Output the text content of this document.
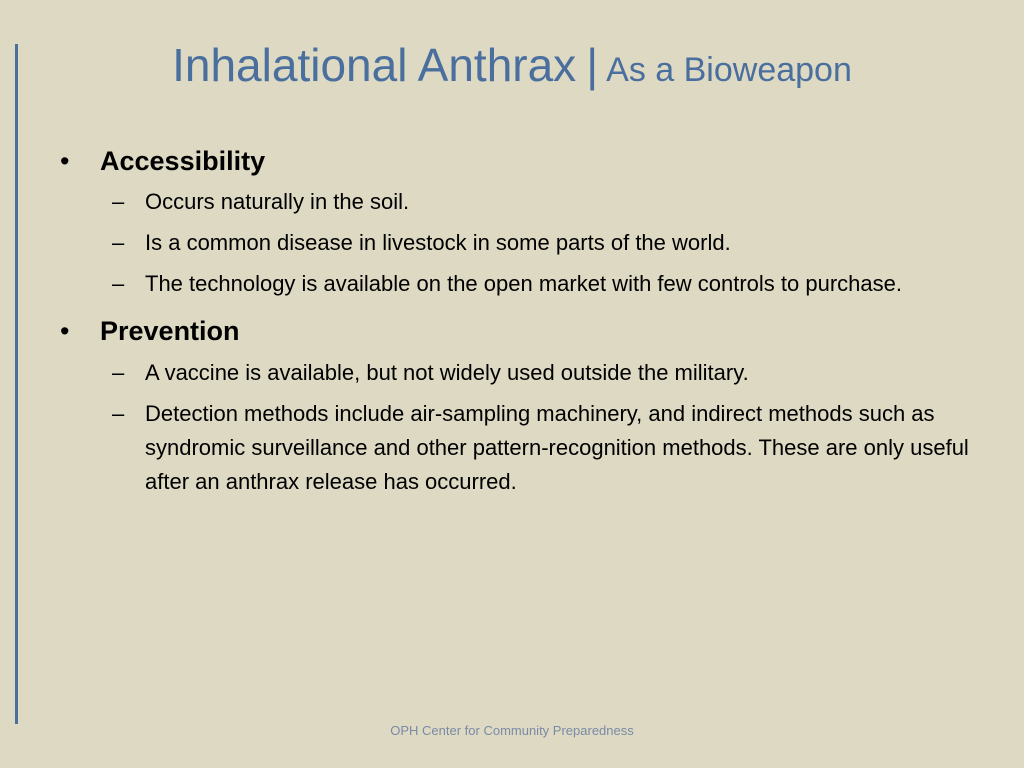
Inhalational Anthrax | As a Bioweapon
• Accessibility
– Occurs naturally in the soil.
– Is a common disease in livestock in some parts of the world.
– The technology is available on the open market with few controls to purchase.
• Prevention
– A vaccine is available, but not widely used outside the military.
– Detection methods include air-sampling machinery, and indirect methods such as syndromic surveillance and other pattern-recognition methods. These are only useful after an anthrax release has occurred.
OPH Center for Community Preparedness
